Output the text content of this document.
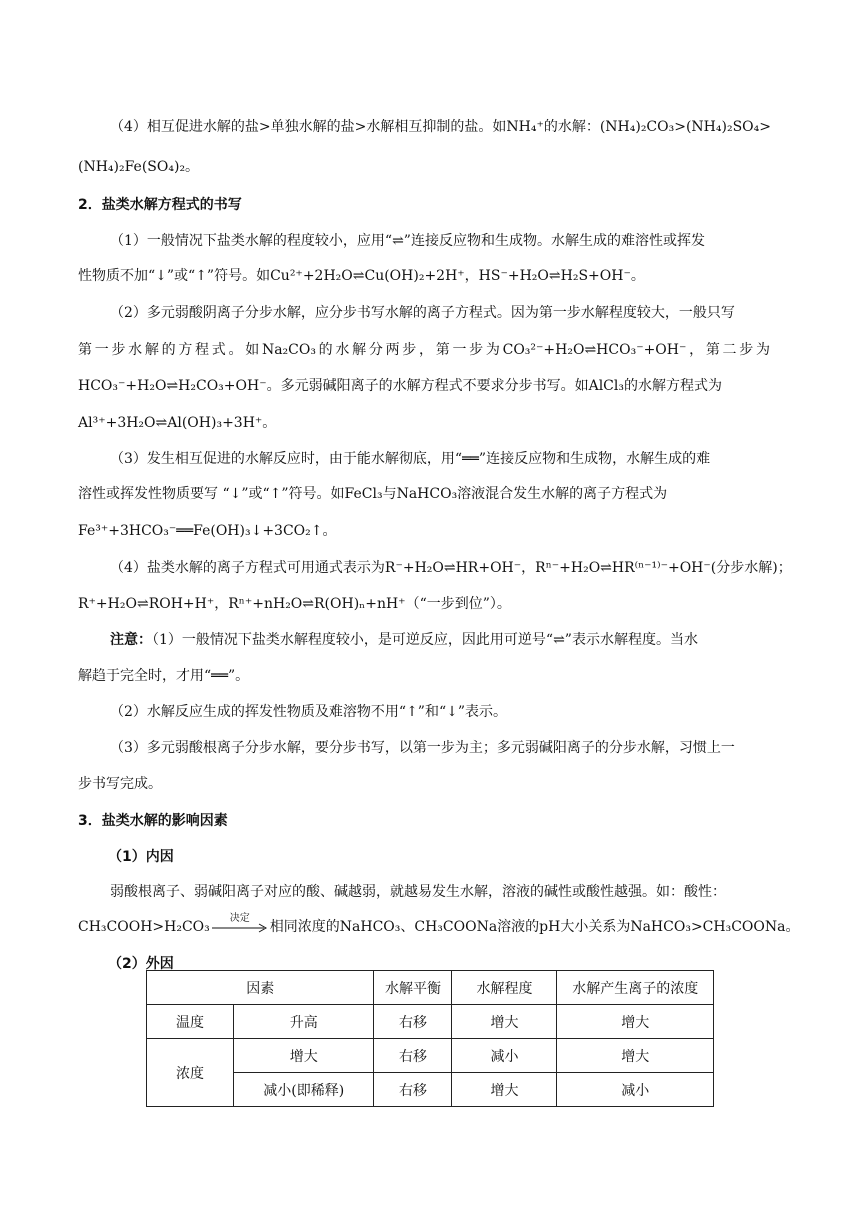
（4）相互促进水解的盐>单独水解的盐>水解相互抑制的盐。如NH₄⁺的水解：(NH₄)₂CO₃>(NH₄)₂SO₄>
(NH₄)₂Fe(SO₄)₂。
2．盐类水解方程式的书写
（1）一般情况下盐类水解的程度较小，应用“⇌”连接反应物和生成物。水解生成的难溶性或挥发
性物质不加“↓”或“↑”符号。如Cu²⁺+2H₂O⇌Cu(OH)₂+2H⁺，HS⁻+H₂O⇌H₂S+OH⁻。
（2）多元弱酸阴离子分步水解，应分步书写水解的离子方程式。因为第一步水解程度较大，一般只写
第一步水解的方程式。如Na₂CO₃的水解分两步，第一步为CO₃²⁻+H₂O⇌HCO₃⁻+OH⁻，第二步为
HCO₃⁻+H₂O⇌H₂CO₃+OH⁻。多元弱碱阳离子的水解方程式不要求分步书写。如AlCl₃的水解方程式为
Al³⁺+3H₂O⇌Al(OH)₃+3H⁺。
（3）发生相互促进的水解反应时，由于能水解彻底，用“══”连接反应物和生成物，水解生成的难
溶性或挥发性物质要写 “↓”或“↑”符号。如FeCl₃与NaHCO₃溶液混合发生水解的离子方程式为
Fe³⁺+3HCO₃⁻══Fe(OH)₃↓+3CO₂↑。
（4）盐类水解的离子方程式可用通式表示为R⁻+H₂O⇌HR+OH⁻，Rⁿ⁻+H₂O⇌HR⁽ⁿ⁻¹⁾⁻+OH⁻(分步水解)；
R⁺+H₂O⇌ROH+H⁺，Rⁿ⁺+nH₂O⇌R(OH)ₙ+nH⁺（“一步到位”）。
注意：（1）一般情况下盐类水解程度较小，是可逆反应，因此用可逆号“⇌”表示水解程度。当水
解趋于完全时，才用“══”。
（2）水解反应生成的挥发性物质及难溶物不用“↑”和“↓”表示。
（3）多元弱酸根离子分步水解，要分步书写，以第一步为主；多元弱碱阳离子的分步水解，习惯上一
步书写完成。
3．盐类水解的影响因素
（1）内因
弱酸根离子、弱碱阳离子对应的酸、碱越弱，就越易发生水解，溶液的碱性或酸性越强。如：酸性：
CH₃COOH>H₂CO₃
决定
相同浓度的NaHCO₃、CH₃COONa溶液的pH大小关系为NaHCO₃>CH₃COONa。
（2）外因
因素		水解平衡	水解程度	水解产生离子的浓度
温度	升高	右移	增大	增大
浓度	增大	右移	减小	增大
	减小(即稀释)	右移	增大	减小
